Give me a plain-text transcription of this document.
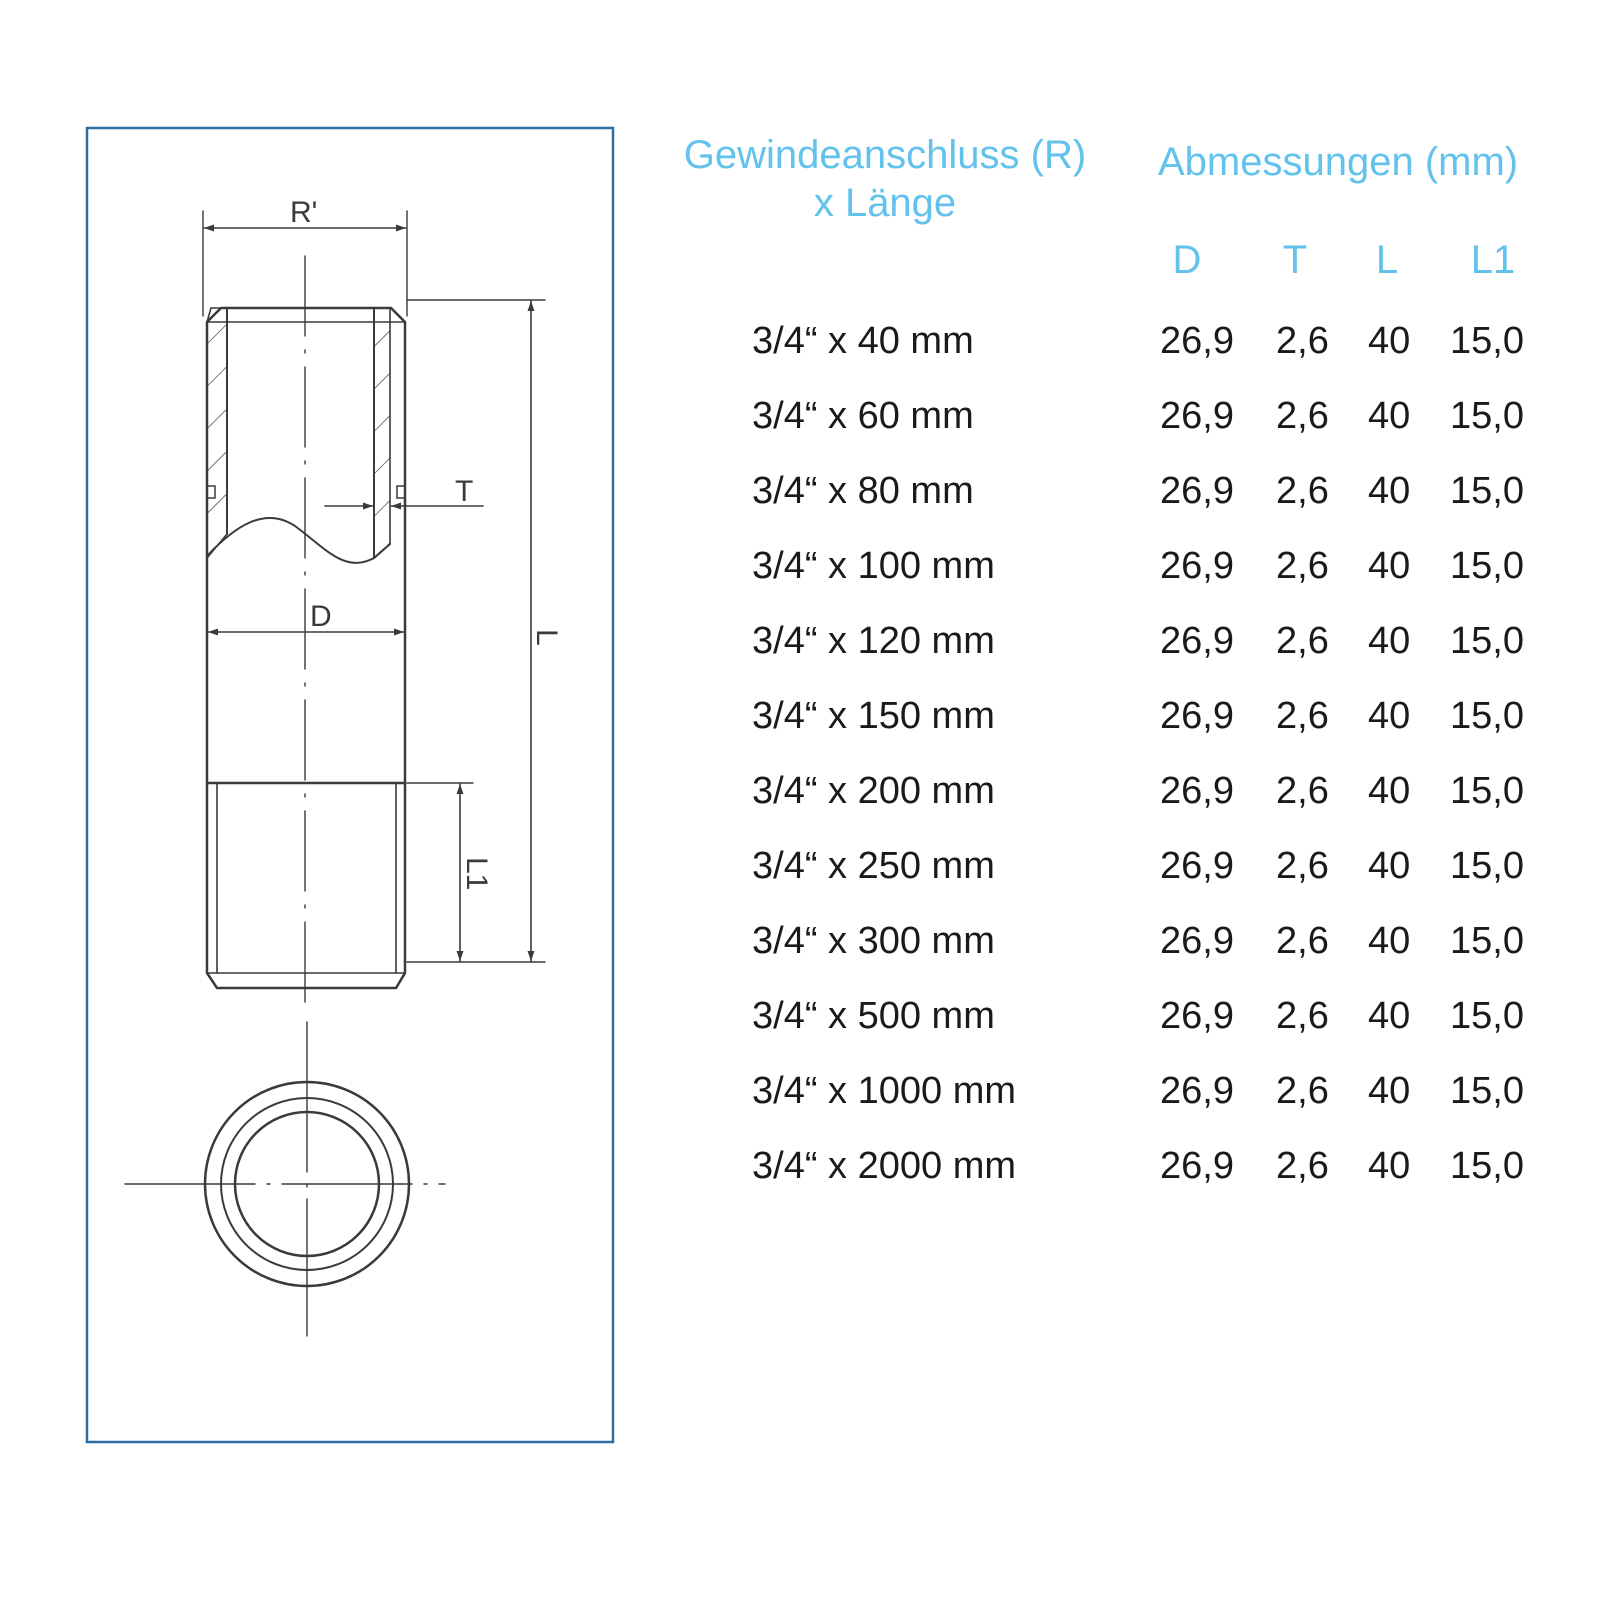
R'
T
D
L
L1
Gewindeanschluss (R)
x Länge
Abmessungen (mm)
D	T	L	L1
3/4“ x 40 mm	26,9 2,6 40 15,0
3/4“ x 60 mm	26,9 2,6 40 15,0
3/4“ x 80 mm	26,9 2,6 40 15,0
3/4“ x 100 mm	26,9 2,6 40 15,0
3/4“ x 120 mm	26,9 2,6 40 15,0
3/4“ x 150 mm	26,9 2,6 40 15,0
3/4“ x 200 mm	26,9 2,6 40 15,0
3/4“ x 250 mm	26,9 2,6 40 15,0
3/4“ x 300 mm	26,9 2,6 40 15,0
3/4“ x 500 mm	26,9 2,6 40 15,0
3/4“ x 1000 mm	26,9 2,6 40 15,0
3/4“ x 2000 mm	26,9 2,6 40 15,0
